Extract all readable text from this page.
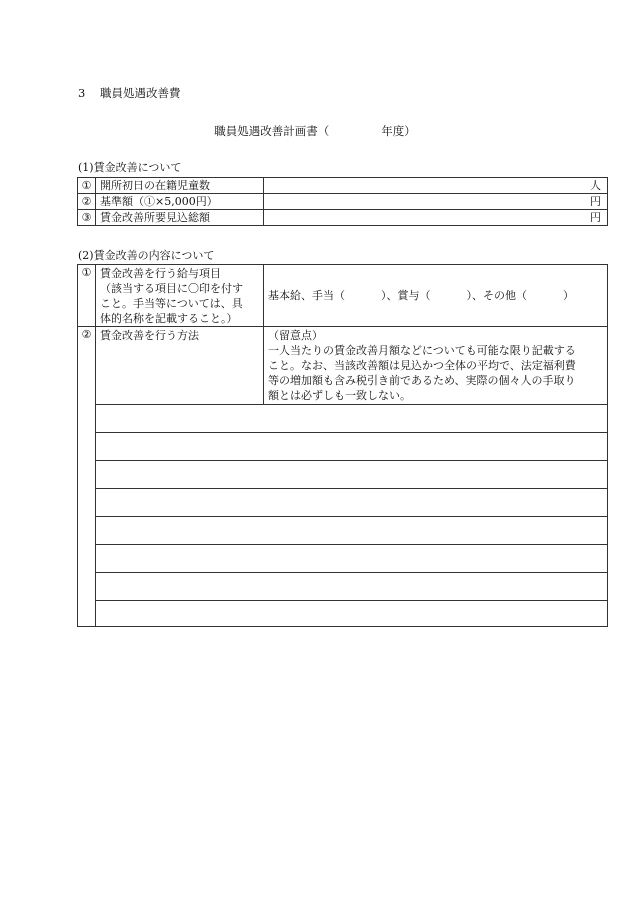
3 職員処遇改善費
職員処遇改善計画書（	年度）
(1)賃金改善について
①	開所初日の在籍児童数	人
②	基準額（①×5,000円）	円
③	賃金改善所要見込総額	円
(2)賃金改善の内容について
①	賃金改善を行う給与項目
（該当する項目に〇印を付す
こと。手当等については、具
体的名称を記載すること。）	基本給、手当（ ）、賞与（ ）、その他（ ）
②	賃金改善を行う方法	（留意点）
一人当たりの賃金改善月額などについても可能な限り記載する
こと。なお、当該改善額は見込かつ全体の平均で、法定福利費
等の増加額も含み税引き前であるため、実際の個々人の手取り
額とは必ずしも一致しない。
